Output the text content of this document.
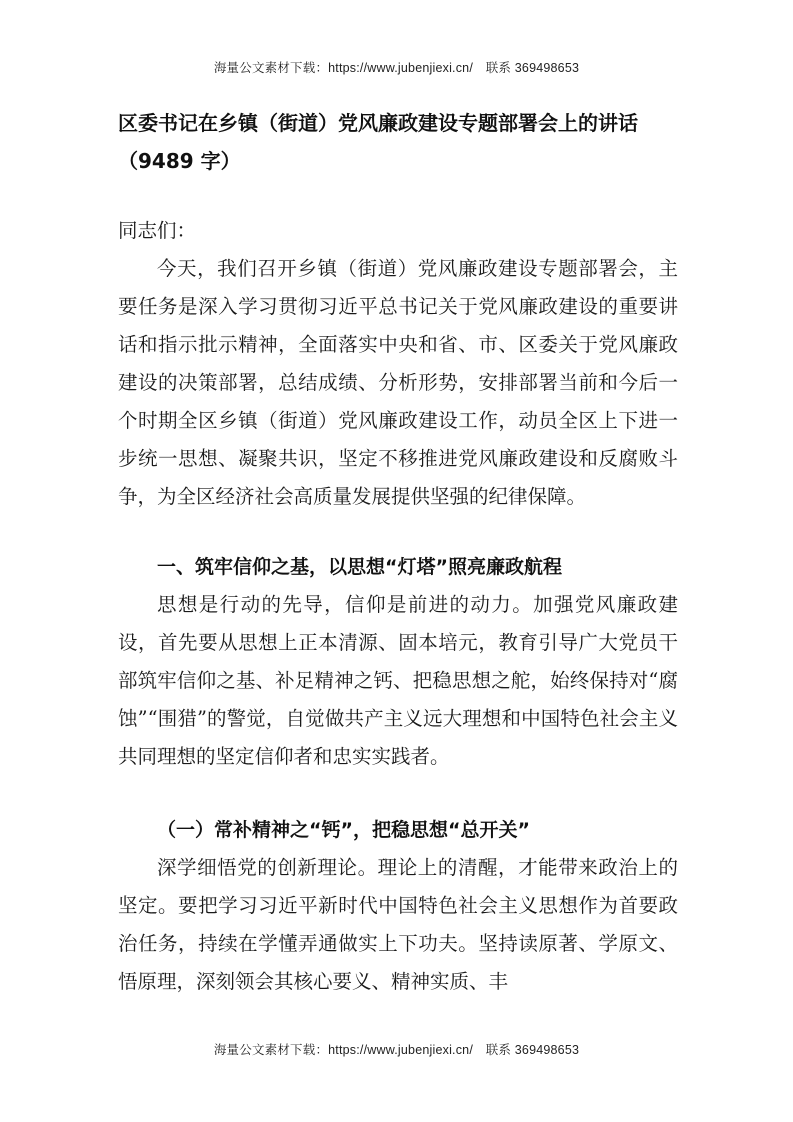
海量公文素材下载：https://www.jubenjiexi.cn/　联系 369498653
区委书记在乡镇（街道）党风廉政建设专题部署会上的讲话（9489 字）

同志们：

今天，我们召开乡镇（街道）党风廉政建设专题部署会，主要任务是深入学习贯彻习近平总书记关于党风廉政建设的重要讲话和指示批示精神，全面落实中央和省、市、区委关于党风廉政建设的决策部署，总结成绩、分析形势，安排部署当前和今后一个时期全区乡镇（街道）党风廉政建设工作，动员全区上下进一步统一思想、凝聚共识，坚定不移推进党风廉政建设和反腐败斗争，为全区经济社会高质量发展提供坚强的纪律保障。

一、筑牢信仰之基，以思想“灯塔”照亮廉政航程

思想是行动的先导，信仰是前进的动力。加强党风廉政建设，首先要从思想上正本清源、固本培元，教育引导广大党员干部筑牢信仰之基、补足精神之钙、把稳思想之舵，始终保持对“腐蚀”“围猎”的警觉，自觉做共产主义远大理想和中国特色社会主义共同理想的坚定信仰者和忠实实践者。

（一）常补精神之“钙”，把稳思想“总开关”

深学细悟党的创新理论。理论上的清醒，才能带来政治上的坚定。要把学习习近平新时代中国特色社会主义思想作为首要政治任务，持续在学懂弄通做实上下功夫。坚持读原著、学原文、悟原理，深刻领会其核心要义、精神实质、丰

海量公文素材下载：https://www.jubenjiexi.cn/　联系 369498653
